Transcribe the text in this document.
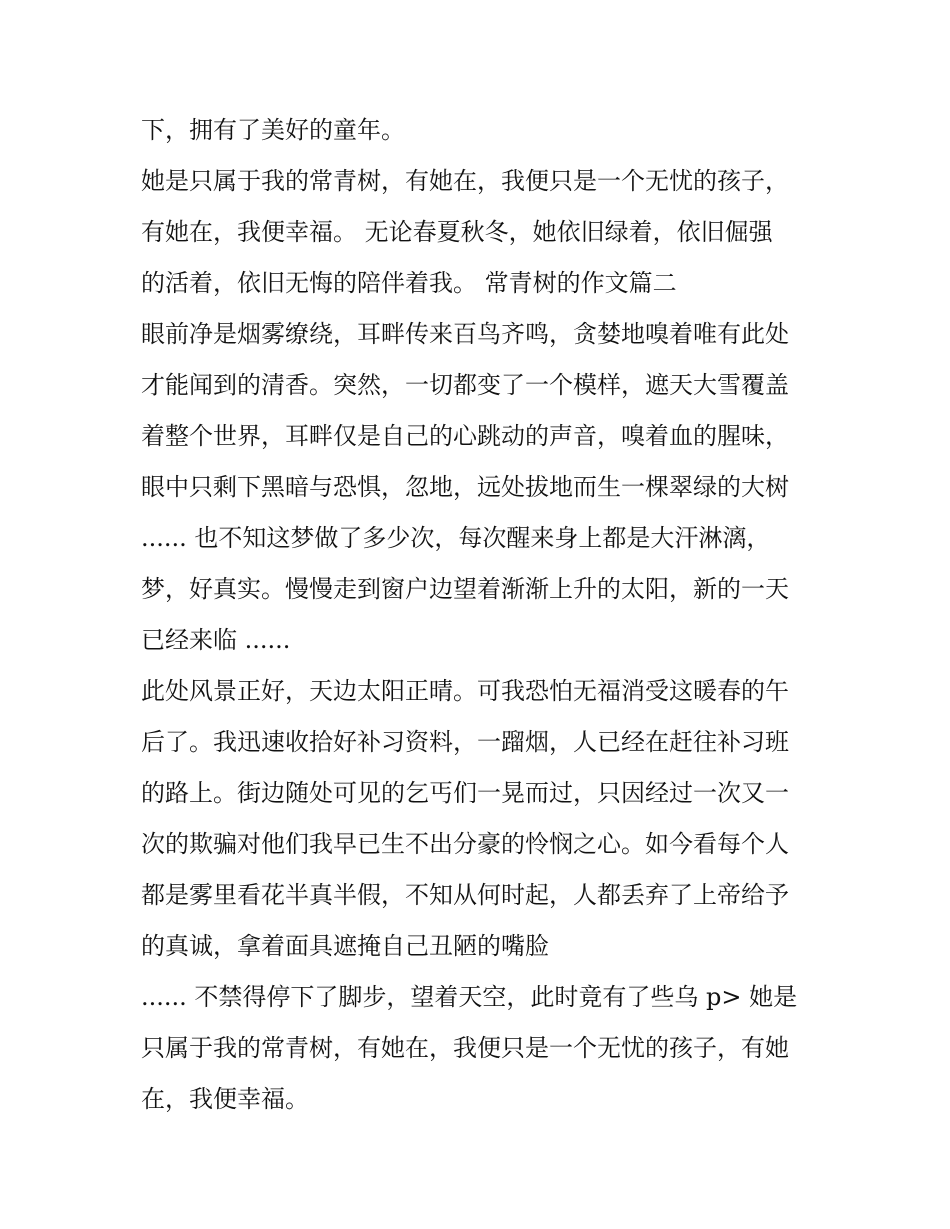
下，拥有了美好的童年。
她是只属于我的常青树，有她在，我便只是一个无忧的孩子，
有她在，我便幸福。 无论春夏秋冬，她依旧绿着，依旧倔强
的活着，依旧无悔的陪伴着我。 常青树的作文篇二
眼前净是烟雾缭绕，耳畔传来百鸟齐鸣，贪婪地嗅着唯有此处
才能闻到的清香。突然，一切都变了一个模样，遮天大雪覆盖
着整个世界，耳畔仅是自己的心跳动的声音，嗅着血的腥味，
眼中只剩下黑暗与恐惧，忽地，远处拔地而生一棵翠绿的大树
...... 也不知这梦做了多少次，每次醒来身上都是大汗淋漓，
梦，好真实。慢慢走到窗户边望着渐渐上升的太阳，新的一天
已经来临 ......
此处风景正好，天边太阳正晴。可我恐怕无福消受这暖春的午
后了。我迅速收拾好补习资料，一蹓烟，人已经在赶往补习班
的路上。街边随处可见的乞丐们一晃而过，只因经过一次又一
次的欺骗对他们我早已生不出分豪的怜悯之心。如今看每个人
都是雾里看花半真半假，不知从何时起，人都丢弃了上帝给予
的真诚，拿着面具遮掩自己丑陋的嘴脸
...... 不禁得停下了脚步，望着天空，此时竟有了些乌 p> 她是
只属于我的常青树，有她在，我便只是一个无忧的孩子，有她
在，我便幸福。
